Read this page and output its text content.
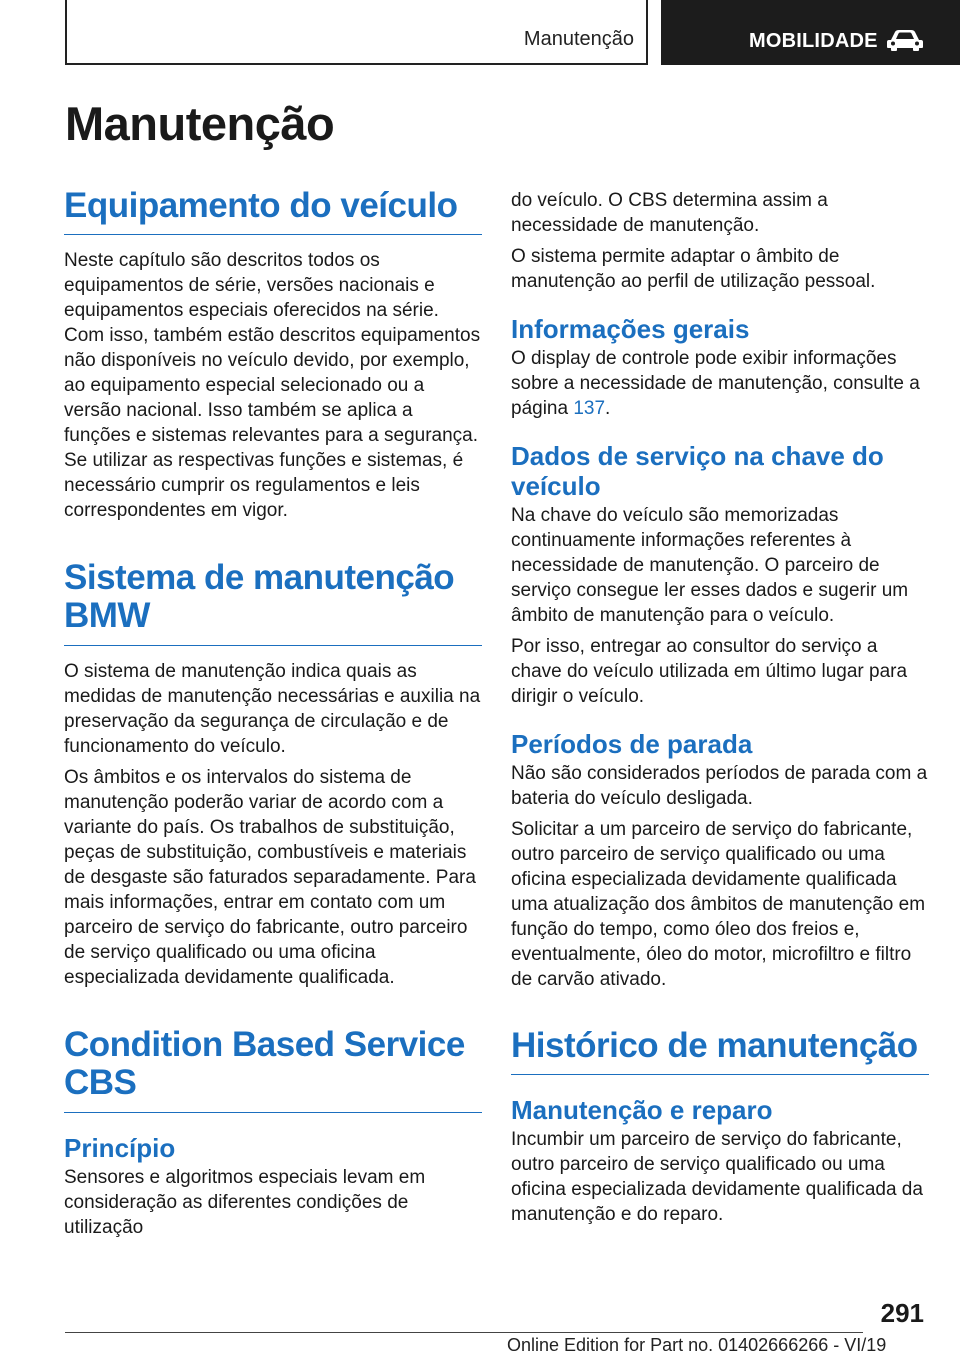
Manutenção	MOBILIDADE
Manutenção
Equipamento do veículo

Neste capítulo são descritos todos os equipamentos de série, versões nacionais e equipamentos especiais oferecidos na série. Com isso, também estão descritos equipamentos não disponíveis no veículo devido, por exemplo, ao equipamento especial selecionado ou a versão nacional. Isso também se aplica a funções e sistemas relevantes para a segurança. Se utilizar as respectivas funções e sistemas, é necessário cumprir os regulamentos e leis correspondentes em vigor.

Sistema de manutenção BMW

O sistema de manutenção indica quais as medidas de manutenção necessárias e auxilia na preservação da segurança de circulação e de funcionamento do veículo.

Os âmbitos e os intervalos do sistema de manutenção poderão variar de acordo com a variante do país. Os trabalhos de substituição, peças de substituição, combustíveis e materiais de desgaste são faturados separadamente. Para mais informações, entrar em contato com um parceiro de serviço do fabricante, outro parceiro de serviço qualificado ou uma oficina especializada devidamente qualificada.

Condition Based Service CBS
Princípio

Sensores e algoritmos especiais levam em consideração as diferentes condições de utilização

do veículo. O CBS determina assim a necessidade de manutenção.

O sistema permite adaptar o âmbito de manutenção ao perfil de utilização pessoal.

Informações gerais

O display de controle pode exibir informações sobre a necessidade de manutenção, consulte a página 137.

Dados de serviço na chave do veículo

Na chave do veículo são memorizadas continuamente informações referentes à necessidade de manutenção. O parceiro de serviço consegue ler esses dados e sugerir um âmbito de manutenção para o veículo.

Por isso, entregar ao consultor do serviço a chave do veículo utilizada em último lugar para dirigir o veículo.

Períodos de parada

Não são considerados períodos de parada com a bateria do veículo desligada.

Solicitar a um parceiro de serviço do fabricante, outro parceiro de serviço qualificado ou uma oficina especializada devidamente qualificada uma atualização dos âmbitos de manutenção em função do tempo, como óleo dos freios e, eventualmente, óleo do motor, microfiltro e filtro de carvão ativado.

Histórico de manutenção
Manutenção e reparo

Incumbir um parceiro de serviço do fabricante, outro parceiro de serviço qualificado ou uma oficina especializada devidamente qualificada da manutenção e do reparo.

291
Online Edition for Part no. 01402666266 - VI/19
